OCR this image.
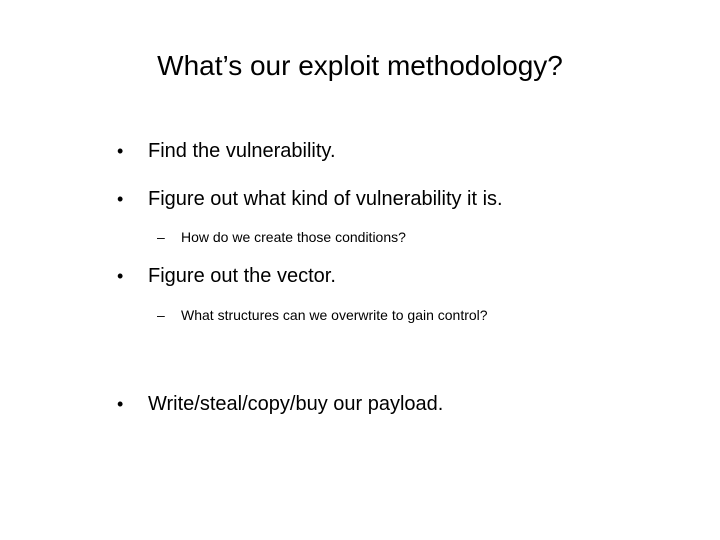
What’s our exploit methodology?
• Find the vulnerability.
• Figure out what kind of vulnerability it is.
– How do we create those conditions?
• Figure out the vector.
– What structures can we overwrite to gain control?
• Write/steal/copy/buy our payload.
